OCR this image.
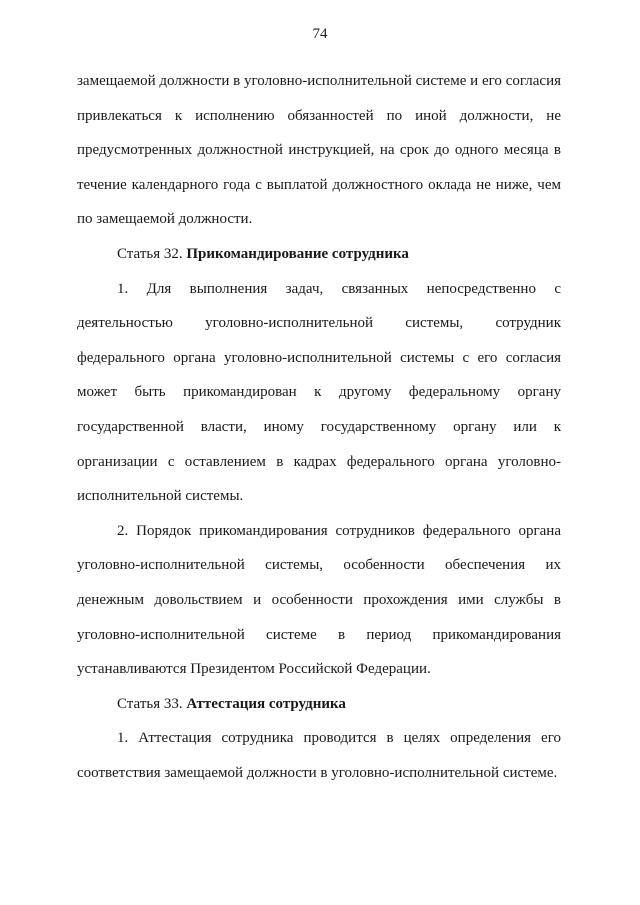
74

замещаемой должности в уголовно-исполнительной системе и его согласия привлекаться к исполнению обязанностей по иной должности, не предусмотренных должностной инструкцией, на срок до одного месяца в течение календарного года с выплатой должностного оклада не ниже, чем по замещаемой должности.

Статья 32. Прикомандирование сотрудника

1. Для выполнения задач, связанных непосредственно с деятельностью уголовно-исполнительной системы, сотрудник федерального органа уголовно-исполнительной системы с его согласия может быть прикомандирован к другому федеральному органу государственной власти, иному государственному органу или к организации с оставлением в кадрах федерального органа уголовно-исполнительной системы.

2. Порядок прикомандирования сотрудников федерального органа уголовно-исполнительной системы, особенности обеспечения их денежным довольствием и особенности прохождения ими службы в уголовно-исполнительной системе в период прикомандирования устанавливаются Президентом Российской Федерации.

Статья 33. Аттестация сотрудника

1. Аттестация сотрудника проводится в целях определения его соответствия замещаемой должности в уголовно-исполнительной системе.
